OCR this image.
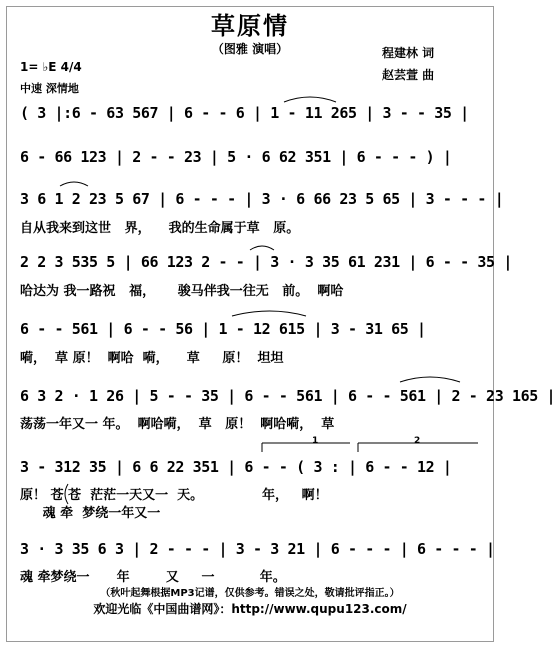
草原情
（图雅 演唱）	程建林 词
赵芸萱 曲
1= ♭E 4/4
中速 深情地
( 3 |:6 - 63 567 | 6 - - 6 | 1 - 11 265 | 3 - - 35 |
6 - 66 123 | 2 - - 23 | 5 · 6 62 351 | 6 - - - ) |
3 6 1 2 23 5 67 | 6 - - - | 3 · 6 66 23 5 65 | 3 - - - |
自从我来到这世   界，    我的生命属于草   原。
2 2 3 535 5 | 66 123 2 - - | 3 · 3 35 61 231 | 6 - - 35 |
哈达为 我一路祝   福，     骏马伴我一往无   前。  啊哈
6 - - 561 | 6 - - 56 | 1 - 12 615 | 3 - 31 65 |
嗬，  草 原！  啊哈  嗬，    草     原！  坦坦
6 3 2 · 1 26 | 5 - - 35 | 6 - - 561 | 6 - - 561 | 2 - 23 165 |
荡荡一年又一 年。  啊哈嗬，  草   原！  啊哈嗬，  草
3 - 312 35 | 6 6 22 351 | 6 - - ( 3 : | 6 - - 12 |
原！ 苍 苍  茫茫一天又一  天。             年，   啊！
魂 牵  梦绕一年又一
3 · 3 35 6 3 | 2 - - - | 3 - 3 21 | 6 - - - | 6 - - - |
魂 牵梦绕一      年        又     一          年。
（秋叶起舞根据MP3记谱，仅供参考。错误之处，敬请批评指正。）
欢迎光临《中国曲谱网》：http://www.qupu123.com/
1	2
